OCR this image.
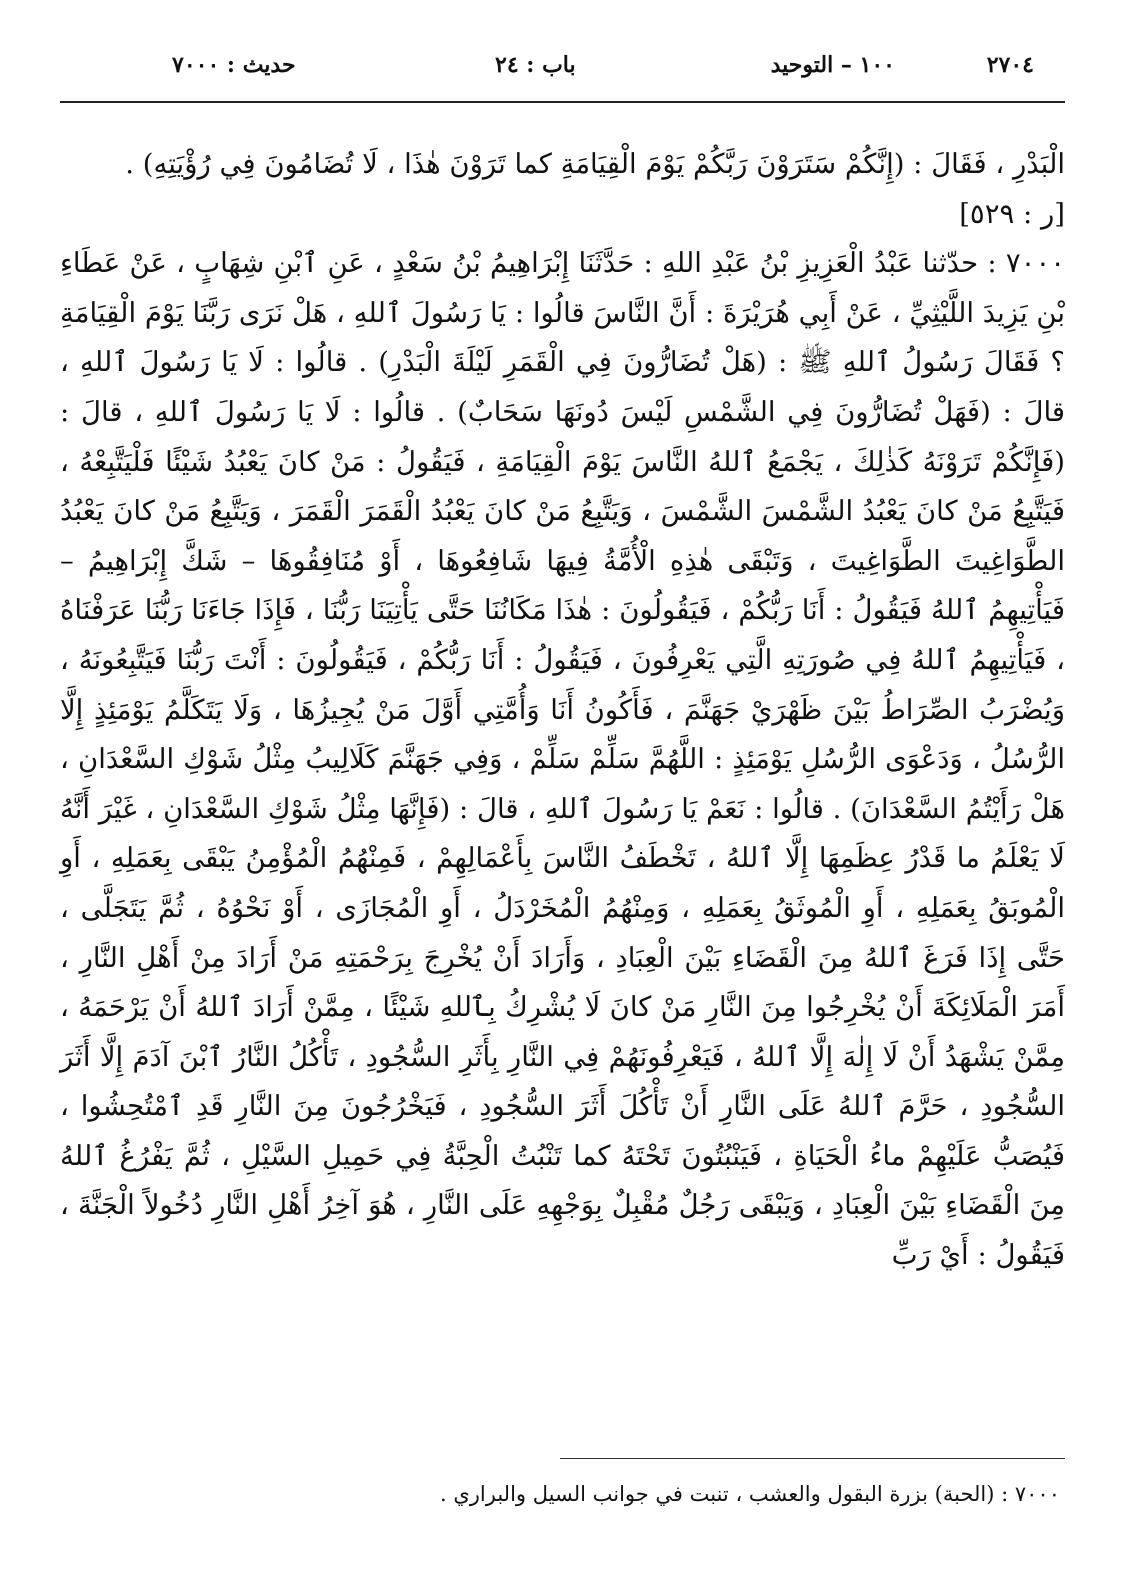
٢٧٠٤
١٠٠ – التوحيد
باب : ٢٤
حديث : ٧٠٠٠

الْبَدْرِ ، فَقَالَ : (إِنَّكُمْ سَتَرَوْنَ رَبَّكُمْ يَوْمَ الْقِيَامَةِ كما تَرَوْنَ هٰذَا ، لَا تُضَامُونَ فِي رُؤْيَتِهِ) .

[ر : ٥٢٩]

٧٠٠٠ : حدّثنا عَبْدُ الْعَزِيزِ بْنُ عَبْدِ اللهِ : حَدَّثَنَا إِبْرَاهِيمُ بْنُ سَعْدٍ ، عَنِ ٱبْنِ شِهَابٍ ، عَنْ عَطَاءِ بْنِ يَزِيدَ اللَّيْثِيِّ ، عَنْ أَبِي هُرَيْرَةَ : أَنَّ النَّاسَ قالُوا : يَا رَسُولَ ٱللهِ ، هَلْ نَرَى رَبَّنَا يَوْمَ الْقِيَامَةِ ؟ فَقَالَ رَسُولُ ٱللهِ ﷺ : (هَلْ تُضَارُّونَ فِي الْقَمَرِ لَيْلَةَ الْبَدْرِ) . قالُوا : لَا يَا رَسُولَ ٱللهِ ، قالَ : (فَهَلْ تُضَارُّونَ فِي الشَّمْسِ لَيْسَ دُونَهَا سَحَابٌ) . قالُوا : لَا يَا رَسُولَ ٱللهِ ، قالَ : (فَإِنَّكُمْ تَرَوْنَهُ كَذٰلِكَ ، يَجْمَعُ ٱللهُ النَّاسَ يَوْمَ الْقِيَامَةِ ، فَيَقُولُ : مَنْ كانَ يَعْبُدُ شَيْئًا فَلْيَتَّبِعْهُ ، فَيَتَّبِعُ مَنْ كانَ يَعْبُدُ الشَّمْسَ الشَّمْسَ ، وَيَتَّبِعُ مَنْ كانَ يَعْبُدُ الْقَمَرَ الْقَمَرَ ، وَيَتَّبِعُ مَنْ كانَ يَعْبُدُ الطَّوَاغِيتَ الطَّوَاغِيتَ ، وَتَبْقَى هٰذِهِ الْأُمَّةُ فِيهَا شَافِعُوهَا ، أَوْ مُنَافِقُوهَا – شَكَّ إِبْرَاهِيمُ – فَيَأْتِيهِمُ ٱللهُ فَيَقُولُ : أَنَا رَبُّكُمْ ، فَيَقُولُونَ : هٰذَا مَكَانُنَا حَتَّى يَأْتِيَنَا رَبُّنَا ، فَإِذَا جَاءَنَا رَبُّنَا عَرَفْنَاهُ ، فَيَأْتِيهِمُ ٱللهُ فِي صُورَتِهِ الَّتِي يَعْرِفُونَ ، فَيَقُولُ : أَنَا رَبُّكُمْ ، فَيَقُولُونَ : أَنْتَ رَبُّنَا فَيَتَّبِعُونَهُ ، وَيُضْرَبُ الصِّرَاطُ بَيْنَ ظَهْرَيْ جَهَنَّمَ ، فَأَكُونُ أَنَا وَأُمَّتِي أَوَّلَ مَنْ يُجِيزُهَا ، وَلَا يَتَكَلَّمُ يَوْمَئِذٍ إِلَّا الرُّسُلُ ، وَدَعْوَى الرُّسُلِ يَوْمَئِذٍ : اللَّهُمَّ سَلِّمْ سَلِّمْ ، وَفِي جَهَنَّمَ كَلَالِيبُ مِثْلُ شَوْكِ السَّعْدَانِ ، هَلْ رَأَيْتُمُ السَّعْدَانَ) . قالُوا : نَعَمْ يَا رَسُولَ ٱللهِ ، قالَ : (فَإِنَّهَا مِثْلُ شَوْكِ السَّعْدَانِ ، غَيْرَ أَنَّهُ لَا يَعْلَمُ ما قَدْرُ عِظَمِهَا إِلَّا ٱللهُ ، تَخْطَفُ النَّاسَ بِأَعْمَالِهِمْ ، فَمِنْهُمُ الْمُؤْمِنُ يَبْقَى بِعَمَلِهِ ، أَوِ الْمُوبَقُ بِعَمَلِهِ ، أَوِ الْمُوثَقُ بِعَمَلِهِ ، وَمِنْهُمُ الْمُخَرْدَلُ ، أَوِ الْمُجَازَى ، أَوْ نَحْوُهُ ، ثُمَّ يَتَجَلَّى ، حَتَّى إِذَا فَرَغَ ٱللهُ مِنَ الْقَضَاءِ بَيْنَ الْعِبَادِ ، وَأَرَادَ أَنْ يُخْرِجَ بِرَحْمَتِهِ مَنْ أَرَادَ مِنْ أَهْلِ النَّارِ ، أَمَرَ الْمَلَائِكَةَ أَنْ يُخْرِجُوا مِنَ النَّارِ مَنْ كانَ لَا يُشْرِكُ بِٱللهِ شَيْئًا ، مِمَّنْ أَرَادَ ٱللهُ أَنْ يَرْحَمَهُ ، مِمَّنْ يَشْهَدُ أَنْ لَا إِلٰهَ إِلَّا ٱللهُ ، فَيَعْرِفُونَهُمْ فِي النَّارِ بِأَثَرِ السُّجُودِ ، تَأْكُلُ النَّارُ ٱبْنَ آدَمَ إِلَّا أَثَرَ السُّجُودِ ، حَرَّمَ ٱللهُ عَلَى النَّارِ أَنْ تَأْكُلَ أَثَرَ السُّجُودِ ، فَيَخْرُجُونَ مِنَ النَّارِ قَدِ ٱمْتُحِشُوا ، فَيُصَبُّ عَلَيْهِمْ ماءُ الْحَيَاةِ ، فَيَنْبُتُونَ تَحْتَهُ كما تَنْبُتُ الْحِبَّةُ فِي حَمِيلِ السَّيْلِ ، ثُمَّ يَفْرُغُ ٱللهُ مِنَ الْقَضَاءِ بَيْنَ الْعِبَادِ ، وَيَبْقَى رَجُلٌ مُقْبِلٌ بِوَجْهِهِ عَلَى النَّارِ ، هُوَ آخِرُ أَهْلِ النَّارِ دُخُولاً الْجَنَّةَ ، فَيَقُولُ : أَيْ رَبِّ

٧٠٠٠ : (الحبة) بزرة البقول والعشب ، تنبت في جوانب السيل والبراري .
